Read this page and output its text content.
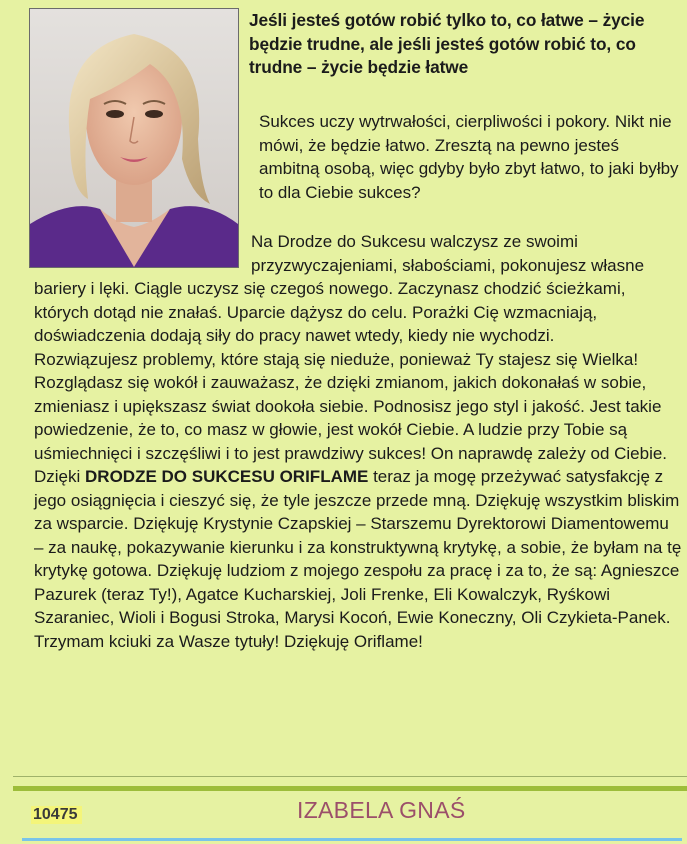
Jeśli jesteś gotów robić tylko to, co łatwe – życie będzie trudne, ale jeśli jesteś gotów robić to, co trudne – życie będzie łatwe
Sukces uczy wytrwałości, cierpliwości i pokory. Nikt nie mówi, że będzie łatwo. Zresztą na pewno jesteś ambitną osobą, więc gdyby było zbyt łatwo, to jaki byłby to dla Ciebie sukces?

Na Drodze do Sukcesu walczysz ze swoimi przyzwyczajeniami, słabościami, pokonujesz własne bariery i lęki. Ciągle uczysz się czegoś nowego. Zaczynasz chodzić ścieżkami, których dotąd nie znałaś. Uparcie dążysz do celu. Porażki Cię wzmacniają, doświadczenia dodają siły do pracy nawet wtedy, kiedy nie wychodzi.

Rozwiązujesz problemy, które stają się nieduże, ponieważ Ty stajesz się Wielka!

Rozglądasz się wokół i zauważasz, że dzięki zmianom, jakich dokonałaś w sobie, zmieniasz i upiększasz świat dookoła siebie. Podnosisz jego styl i jakość. Jest takie powiedzenie, że to, co masz w głowie, jest wokół Ciebie. A ludzie przy Tobie są uśmiechnięci i szczęśliwi i to jest prawdziwy sukces! On naprawdę zależy od Ciebie.

Dzięki DRODZE DO SUKCESU ORIFLAME teraz ja mogę przeżywać satysfakcję z jego osiągnięcia i cieszyć się, że tyle jeszcze przede mną. Dziękuję wszystkim bliskim za wsparcie. Dziękuję Krystynie Czapskiej – Starszemu Dyrektorowi Diamentowemu – za naukę, pokazywanie kierunku i za konstruktywną krytykę, a sobie, że byłam na tę krytykę gotowa. Dziękuję ludziom z mojego zespołu za pracę i za to, że są: Agnieszce Pazurek (teraz Ty!), Agatce Kucharskiej, Joli Frenke, Eli Kowalczyk, Ryśkowi Szaraniec, Wioli i Bogusi Stroka, Marysi Kocoń, Ewie Koneczny, Oli Czykieta-Panek. Trzymam kciuki za Wasze tytuły! Dziękuję Oriflame!

10475	IZABELA GNAŚ
